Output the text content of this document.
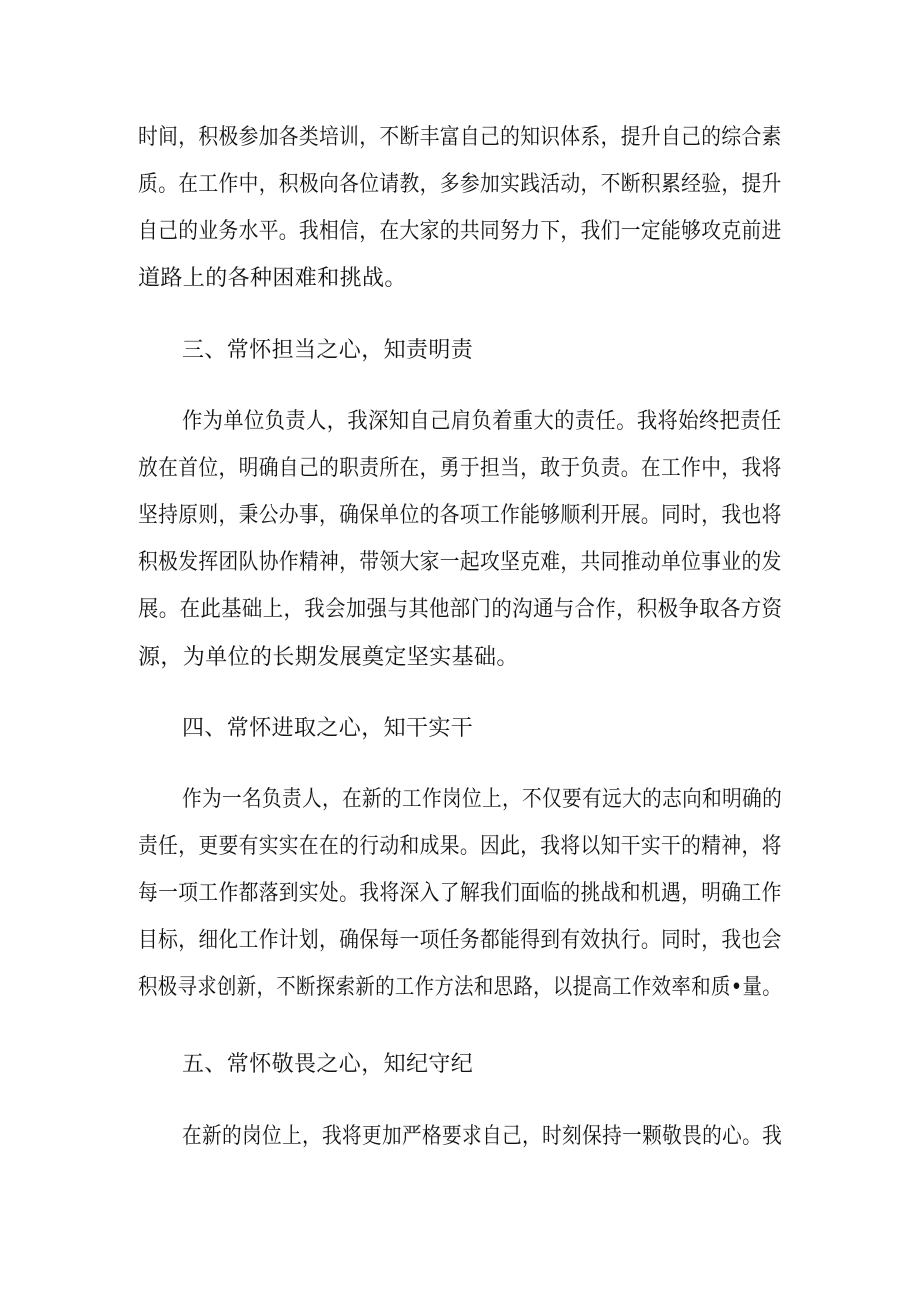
时间，积极参加各类培训，不断丰富自己的知识体系，提升自己的综合素
质。在工作中，积极向各位请教，多参加实践活动，不断积累经验，提升
自己的业务水平。我相信，在大家的共同努力下，我们一定能够攻克前进
道路上的各种困难和挑战。
三、常怀担当之心，知责明责
作为单位负责人，我深知自己肩负着重大的责任。我将始终把责任
放在首位，明确自己的职责所在，勇于担当，敢于负责。在工作中，我将
坚持原则，秉公办事，确保单位的各项工作能够顺利开展。同时，我也将
积极发挥团队协作精神，带领大家一起攻坚克难，共同推动单位事业的发
展。在此基础上，我会加强与其他部门的沟通与合作，积极争取各方资
源，为单位的长期发展奠定坚实基础。
四、常怀进取之心，知干实干
作为一名负责人，在新的工作岗位上，不仅要有远大的志向和明确的
责任，更要有实实在在的行动和成果。因此，我将以知干实干的精神，将
每一项工作都落到实处。我将深入了解我们面临的挑战和机遇，明确工作
目标，细化工作计划，确保每一项任务都能得到有效执行。同时，我也会
积极寻求创新，不断探索新的工作方法和思路，以提高工作效率和质•量。
五、常怀敬畏之心，知纪守纪
在新的岗位上，我将更加严格要求自己，时刻保持一颗敬畏的心。我
